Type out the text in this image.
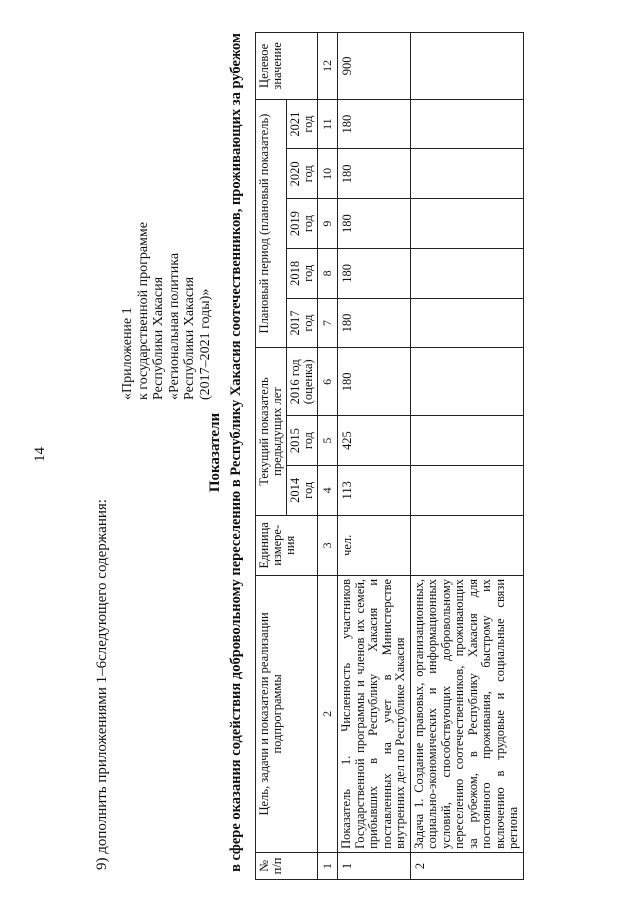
14
9) дополнить приложениями 1–6следующего содержания:
«Приложение 1 к государственной программе Республики Хакасия «Региональная политика Республики Хакасия (2017–2021 годы)»
Показатели в сфере оказания содействия добровольному переселению в Республику Хакасия соотечественников, проживающих за рубежом № п/п	Цель, задачи и показатели реализации подпрограммы	Единица измере-ния	Текущий показатель предыдущих лет			Плановый период (плановый показатель)					Целевое значение
			2014 год	2015 год	2016 год (оценка)	2017 год	2018 год	2019 год	2020 год	2021 год	
1	2	3	4	5	6	7	8	9	10	11	12
1	Показатель 1. Численность участников Государственной программы и членов их семей, прибывших в Республику Хакасия и поставленных на учет в Министерстве внутренних дел по Республике Хакасия	чел.	113	425	180	180	180	180	180	180	900
2	Задача 1. Создание правовых, организационных, социально-экономических и информационных условий, способствующих добровольному переселению соотечественников, проживающих за рубежом, в Республику Хакасия для постоянного проживания, быстрому их включению в трудовые и социальные связи региона										
